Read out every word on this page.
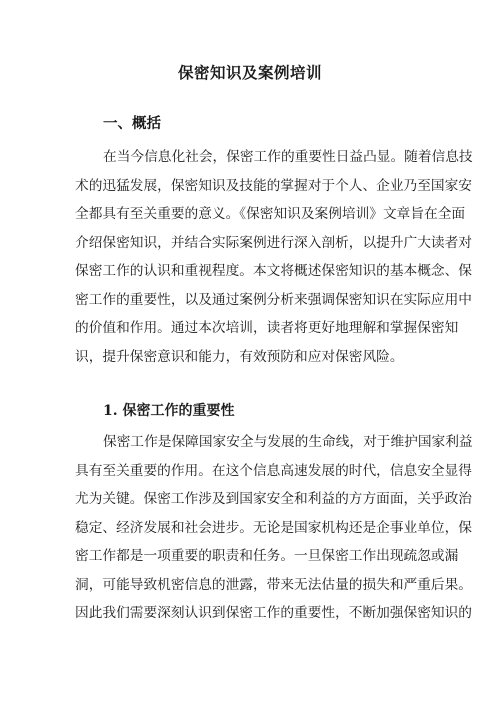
保密知识及案例培训
一、概括
在当今信息化社会，保密工作的重要性日益凸显。随着信息技
术的迅猛发展，保密知识及技能的掌握对于个人、企业乃至国家安
全都具有至关重要的意义。《保密知识及案例培训》文章旨在全面
介绍保密知识，并结合实际案例进行深入剖析，以提升广大读者对
保密工作的认识和重视程度。本文将概述保密知识的基本概念、保
密工作的重要性，以及通过案例分析来强调保密知识在实际应用中
的价值和作用。通过本次培训，读者将更好地理解和掌握保密知
识，提升保密意识和能力，有效预防和应对保密风险。
1. 保密工作的重要性
保密工作是保障国家安全与发展的生命线，对于维护国家利益
具有至关重要的作用。在这个信息高速发展的时代，信息安全显得
尤为关键。保密工作涉及到国家安全和利益的方方面面，关乎政治
稳定、经济发展和社会进步。无论是国家机构还是企事业单位，保
密工作都是一项重要的职责和任务。一旦保密工作出现疏忽或漏
洞，可能导致机密信息的泄露，带来无法估量的损失和严重后果。
因此我们需要深刻认识到保密工作的重要性，不断加强保密知识的
